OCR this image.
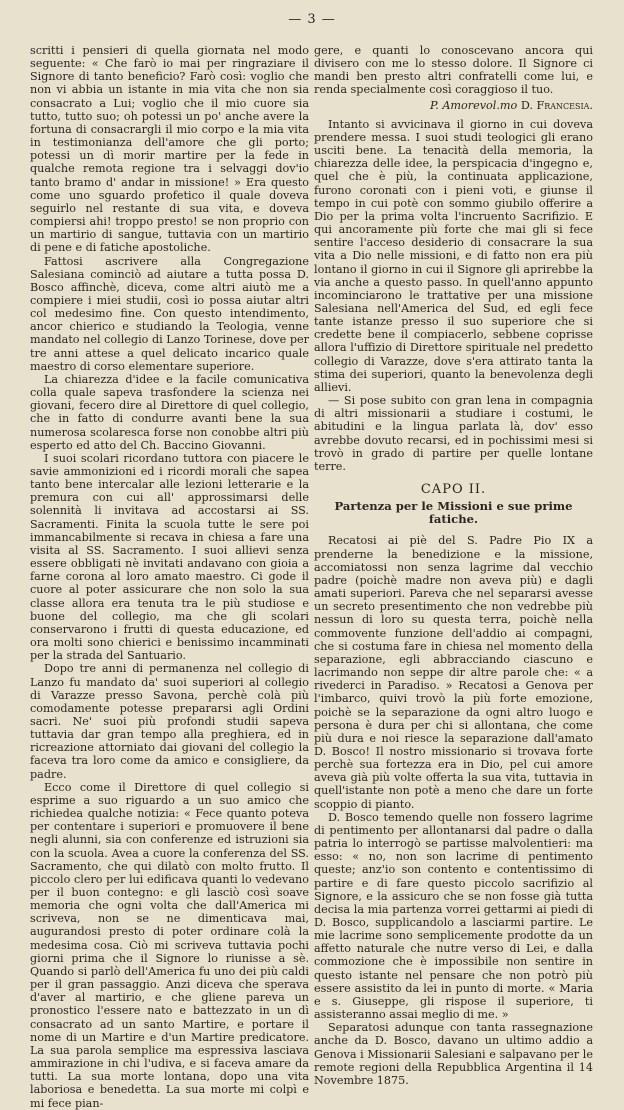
— 3 —

scritti i pensieri di quella giornata nel modo seguente: « Che farò io mai per ringraziare il Signore di tanto beneficio? Farò così: voglio che non vi abbia un istante in mia vita che non sia consacrato a Lui; voglio che il mio cuore sia tutto, tutto suo; oh potessi un po' anche avere la fortuna di consacrargli il mio corpo e la mia vita in testimonianza dell'amore che gli porto; potessi un dì morir martire per la fede in qualche remota regione tra i selvaggi dov'io tanto bramo d' andar in missione! » Era questo come uno sguardo profetico il quale doveva seguirlo nel restante di sua vita, e doveva compiersi ahi! troppo presto! se non proprio con un martirio di sangue, tuttavia con un martirio di pene e di fatiche apostoliche.

Fattosi ascrivere alla Congregazione Salesiana cominciò ad aiutare a tutta possa D. Bosco affinchè, diceva, come altri aiutò me a compiere i miei studii, così io possa aiutar altri col medesimo fine. Con questo intendimento, ancor chierico e studiando la Teologia, venne mandato nel collegio di Lanzo Torinese, dove per tre anni attese a quel delicato incarico quale maestro di corso elementare superiore.

La chiarezza d'idee e la facile comunicativa colla quale sapeva trasfondere la scienza nei giovani, fecero dire al Direttore di quel collegio, che in fatto di condurre avanti bene la sua numerosa scolaresca forse non conobbe altri più esperto ed atto del Ch. Baccino Giovanni.

I suoi scolari ricordano tuttora con piacere le savie ammonizioni ed i ricordi morali che sapea tanto bene intercalar alle lezioni letterarie e la premura con cui all' approssimarsi delle solennità li invitava ad accostarsi ai SS. Sacramenti. Finita la scuola tutte le sere poi immancabilmente si recava in chiesa a fare una visita al SS. Sacramento. I suoi allievi senza essere obbligati nè invitati andavano con gioia a farne corona al loro amato maestro. Ci gode il cuore al poter assicurare che non solo la sua classe allora era tenuta tra le più studiose e buone del collegio, ma che gli scolari conservarono i frutti di questa educazione, ed ora molti sono chierici e benissimo incamminati per la strada del Santuario.

Dopo tre anni di permanenza nel collegio di Lanzo fu mandato da' suoi superiori al collegio di Varazze presso Savona, perchè colà più comodamente potesse prepararsi agli Ordini sacri. Ne' suoi più profondi studii sapeva tuttavia dar gran tempo alla preghiera, ed in ricreazione attorniato dai giovani del collegio la faceva tra loro come da amico e consigliere, da padre.

Ecco come il Direttore di quel collegio si esprime a suo riguardo a un suo amico che richiedea qualche notizia: « Fece quanto poteva per contentare i superiori e promuovere il bene negli alunni, sia con conferenze ed istruzioni sia con la scuola. Avea a cuore la conferenza del SS. Sacramento, che qui dilatò con molto frutto. Il piccolo clero per lui edificava quanti lo vedevano per il buon contegno: e gli lasciò così soave memoria che ogni volta che dall'America mi scriveva, non se ne dimenticava mai, augurandosi presto di poter ordinare colà la medesima cosa. Ciò mi scriveva tuttavia pochi giorni prima che il Signore lo riunisse a sè. Quando si parlò dell'America fu uno dei più caldi per il gran passaggio. Anzi diceva che sperava d'aver al martirio, e che gliene pareva un pronostico l'essere nato e battezzato in un dì consacrato ad un santo Martire, e portare il nome di un Martire e d'un Martire predicatore. La sua parola semplice ma espressiva lasciava ammirazione in chi l'udiva, e si faceva amare da tutti. La sua morte lontana, dopo una vita laboriosa e benedetta. La sua morte mi colpì e mi fece pian-

gere, e quanti lo conoscevano ancora qui divisero con me lo stesso dolore. Il Signore ci mandi ben presto altri confratelli come lui, e renda specialmente così coraggioso il tuo.

P. Amorevol.mo D. Francesia.

Intanto si avvicinava il giorno in cui doveva prendere messa. I suoi studi teologici gli erano usciti bene. La tenacità della memoria, la chiarezza delle idee, la perspicacia d'ingegno e, quel che è più, la continuata applicazione, furono coronati con i pieni voti, e giunse il tempo in cui potè con sommo giubilo offerire a Dio per la prima volta l'incruento Sacrifizio. E qui ancoramente più forte che mai gli si fece sentire l'acceso desiderio di consacrare la sua vita a Dio nelle missioni, e di fatto non era più lontano il giorno in cui il Signore gli aprirebbe la via anche a questo passo. In quell'anno appunto incominciarono le trattative per una missione Salesiana nell'America del Sud, ed egli fece tante istanze presso il suo superiore che si credette bene il compiacerlo, sebbene coprisse allora l'uffizio di Direttore spirituale nel predetto collegio di Varazze, dove s'era attirato tanta la stima dei superiori, quanto la benevolenza degli allievi.

— Si pose subito con gran lena in compagnia di altri missionarii a studiare i costumi, le abitudini e la lingua parlata là, dov' esso avrebbe dovuto recarsi, ed in pochissimi mesi si trovò in grado di partire per quelle lontane terre.

CAPO II.
Partenza per le Missioni e sue prime fatiche.

Recatosi ai piè del S. Padre Pio IX a prenderne la benedizione e la missione, accomiatossi non senza lagrime dal vecchio padre (poichè madre non aveva più) e dagli amati superiori. Pareva che nel separarsi avesse un secreto presentimento che non vedrebbe più nessun di loro su questa terra, poichè nella commovente funzione dell'addio ai compagni, che si costuma fare in chiesa nel momento della separazione, egli abbracciando ciascuno e lacrimando non seppe dir altre parole che: « a rivederci in Paradiso. » Recatosi a Genova per l'imbarco, quivi trovò la più forte emozione, poichè se la separazione da ogni altro luogo e persona è dura per chi si allontana, che come più dura e noi riesce la separazione dall'amato D. Bosco! Il nostro missionario si trovava forte perchè sua fortezza era in Dio, pel cui amore aveva già più volte offerta la sua vita, tuttavia in quell'istante non potè a meno che dare un forte scoppio di pianto.

D. Bosco temendo quelle non fossero lagrime di pentimento per allontanarsi dal padre o dalla patria lo interrogò se partisse malvolentieri: ma esso: « no, non son lacrime di pentimento queste; anz'io son contento e contentissimo di partire e di fare questo piccolo sacrifizio al Signore, e la assicuro che se non fosse già tutta decisa la mia partenza vorrei gettarmi ai piedi di D. Bosco, supplicandolo a lasciarmi partire. Le mie lacrime sono semplicemente prodotte da un affetto naturale che nutre verso di Lei, e dalla commozione che è impossibile non sentire in questo istante nel pensare che non potrò più essere assistito da lei in punto di morte. « Maria e s. Giuseppe, gli rispose il superiore, ti assisteranno assai meglio di me. »

Separatosi adunque con tanta rassegnazione anche da D. Bosco, davano un ultimo addio a Genova i Missionarii Salesiani e salpavano per le remote regioni della Repubblica Argentina il 14 Novembre 1875.
